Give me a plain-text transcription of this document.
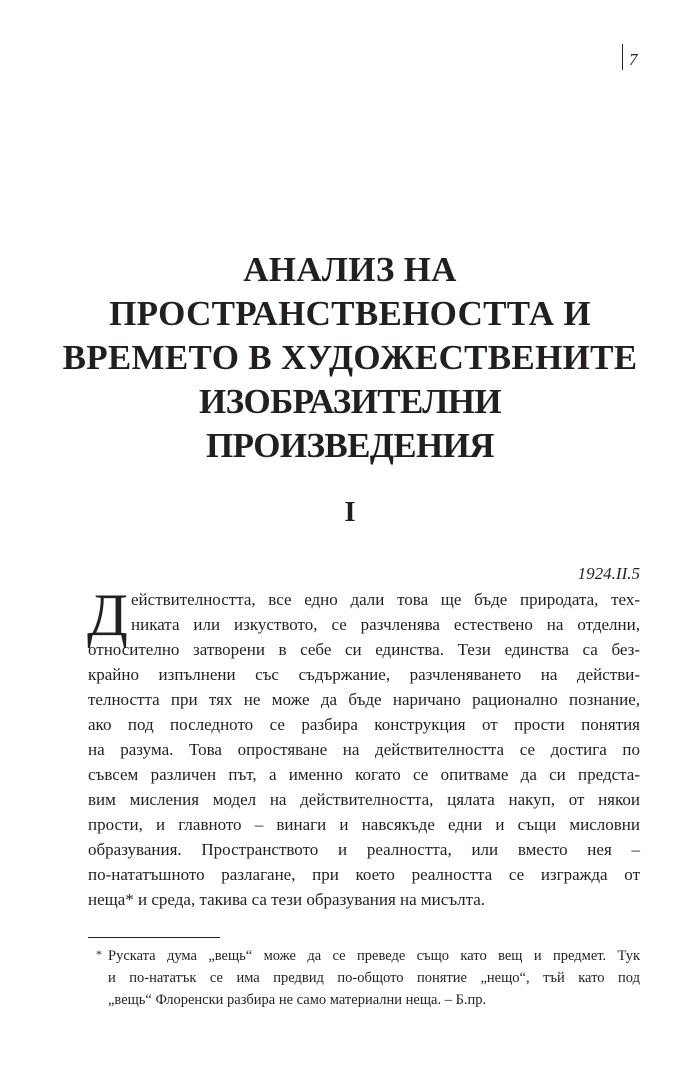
7
АНАЛИЗ НА
ПРОСТРАНСТВЕНОСТТА И
ВРЕМЕТО В ХУДОЖЕСТВЕНИТЕ
ИЗОБРАЗИТЕЛНИ ПРОИЗВЕДЕНИЯ
I
1924.II.5
Д ействителността, все едно дали това ще бъде природата, тех-
никата или изкуството, се разчленява естествено на отделни,
относително затворени в себе си единства. Тези единства са без-
крайно изпълнени със съдържание, разчленяването на действи-
телността при тях не може да бъде наричано рационално познание,
ако под последното се разбира конструкция от прости понятия
на разума. Това опростяване на действителността се достига по
съвсем различен път, а именно когато се опитваме да си предста-
вим мисления модел на действителността, цялата накуп, от някои
прости, и главното – винаги и навсякъде едни и същи мисловни
образувания. Пространството и реалността, или вместо нея –
по-нататъшното разлагане, при което реалността се изгражда от
неща* и среда, такива са тези образувания на мисълта.
* Руската дума „вещь“ може да се преведе също като вещ и предмет. Тук
и по-нататък се има предвид по-общото понятие „нещо“, тъй като под
„вещь“ Флоренски разбира не само материални неща. – Б.пр.
